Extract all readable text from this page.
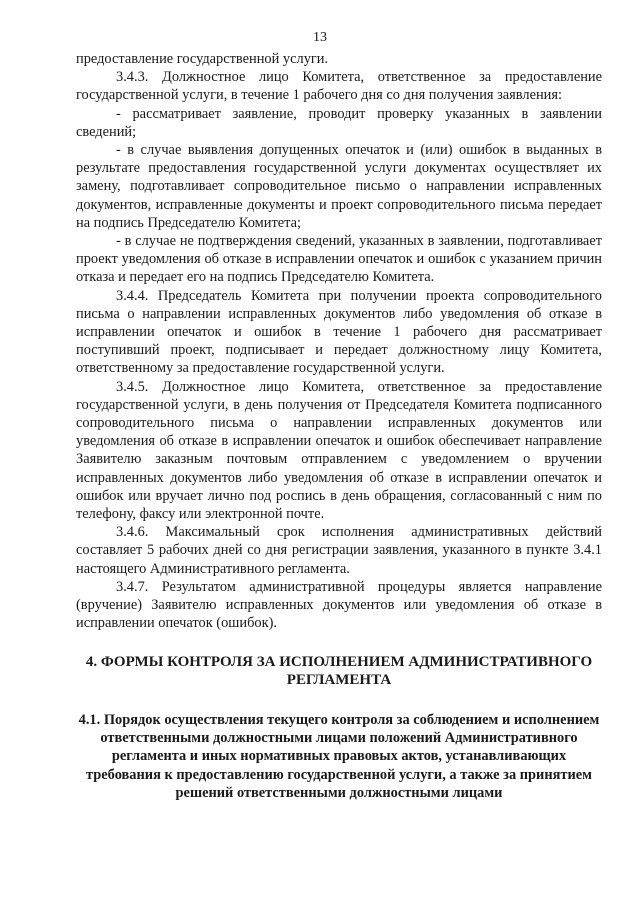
13

предоставление государственной услуги.

3.4.3. Должностное лицо Комитета, ответственное за предоставление государственной услуги, в течение 1 рабочего дня со дня получения заявления:

- рассматривает заявление, проводит проверку указанных в заявлении сведений;

- в случае выявления допущенных опечаток и (или) ошибок в выданных в результате предоставления государственной услуги документах осуществляет их замену, подготавливает сопроводительное письмо о направлении исправленных документов, исправленные документы и проект сопроводительного письма передает на подпись Председателю Комитета;

- в случае не подтверждения сведений, указанных в заявлении, подготавливает проект уведомления об отказе в исправлении опечаток и ошибок с указанием причин отказа и передает его на подпись Председателю Комитета.

3.4.4. Председатель Комитета при получении проекта сопроводительного письма о направлении исправленных документов либо уведомления об отказе в исправлении опечаток и ошибок в течение 1 рабочего дня рассматривает поступивший проект, подписывает и передает должностному лицу Комитета, ответственному за предоставление государственной услуги.

3.4.5. Должностное лицо Комитета, ответственное за предоставление государственной услуги, в день получения от Председателя Комитета подписанного сопроводительного письма о направлении исправленных документов или уведомления об отказе в исправлении опечаток и ошибок обеспечивает направление Заявителю заказным почтовым отправлением с уведомлением о вручении исправленных документов либо уведомления об отказе в исправлении опечаток и ошибок или вручает лично под роспись в день обращения, согласованный с ним по телефону, факсу или электронной почте.

3.4.6. Максимальный срок исполнения административных действий составляет 5 рабочих дней со дня регистрации заявления, указанного в пункте 3.4.1 настоящего Административного регламента.

3.4.7. Результатом административной процедуры является направление (вручение) Заявителю исправленных документов или уведомления об отказе в исправлении опечаток (ошибок).

4. ФОРМЫ КОНТРОЛЯ ЗА ИСПОЛНЕНИЕМ АДМИНИСТРАТИВНОГО РЕГЛАМЕНТА

4.1. Порядок осуществления текущего контроля за соблюдением и исполнением ответственными должностными лицами положений Административного регламента и иных нормативных правовых актов, устанавливающих требования к предоставлению государственной услуги, а также за принятием решений ответственными должностными лицами
